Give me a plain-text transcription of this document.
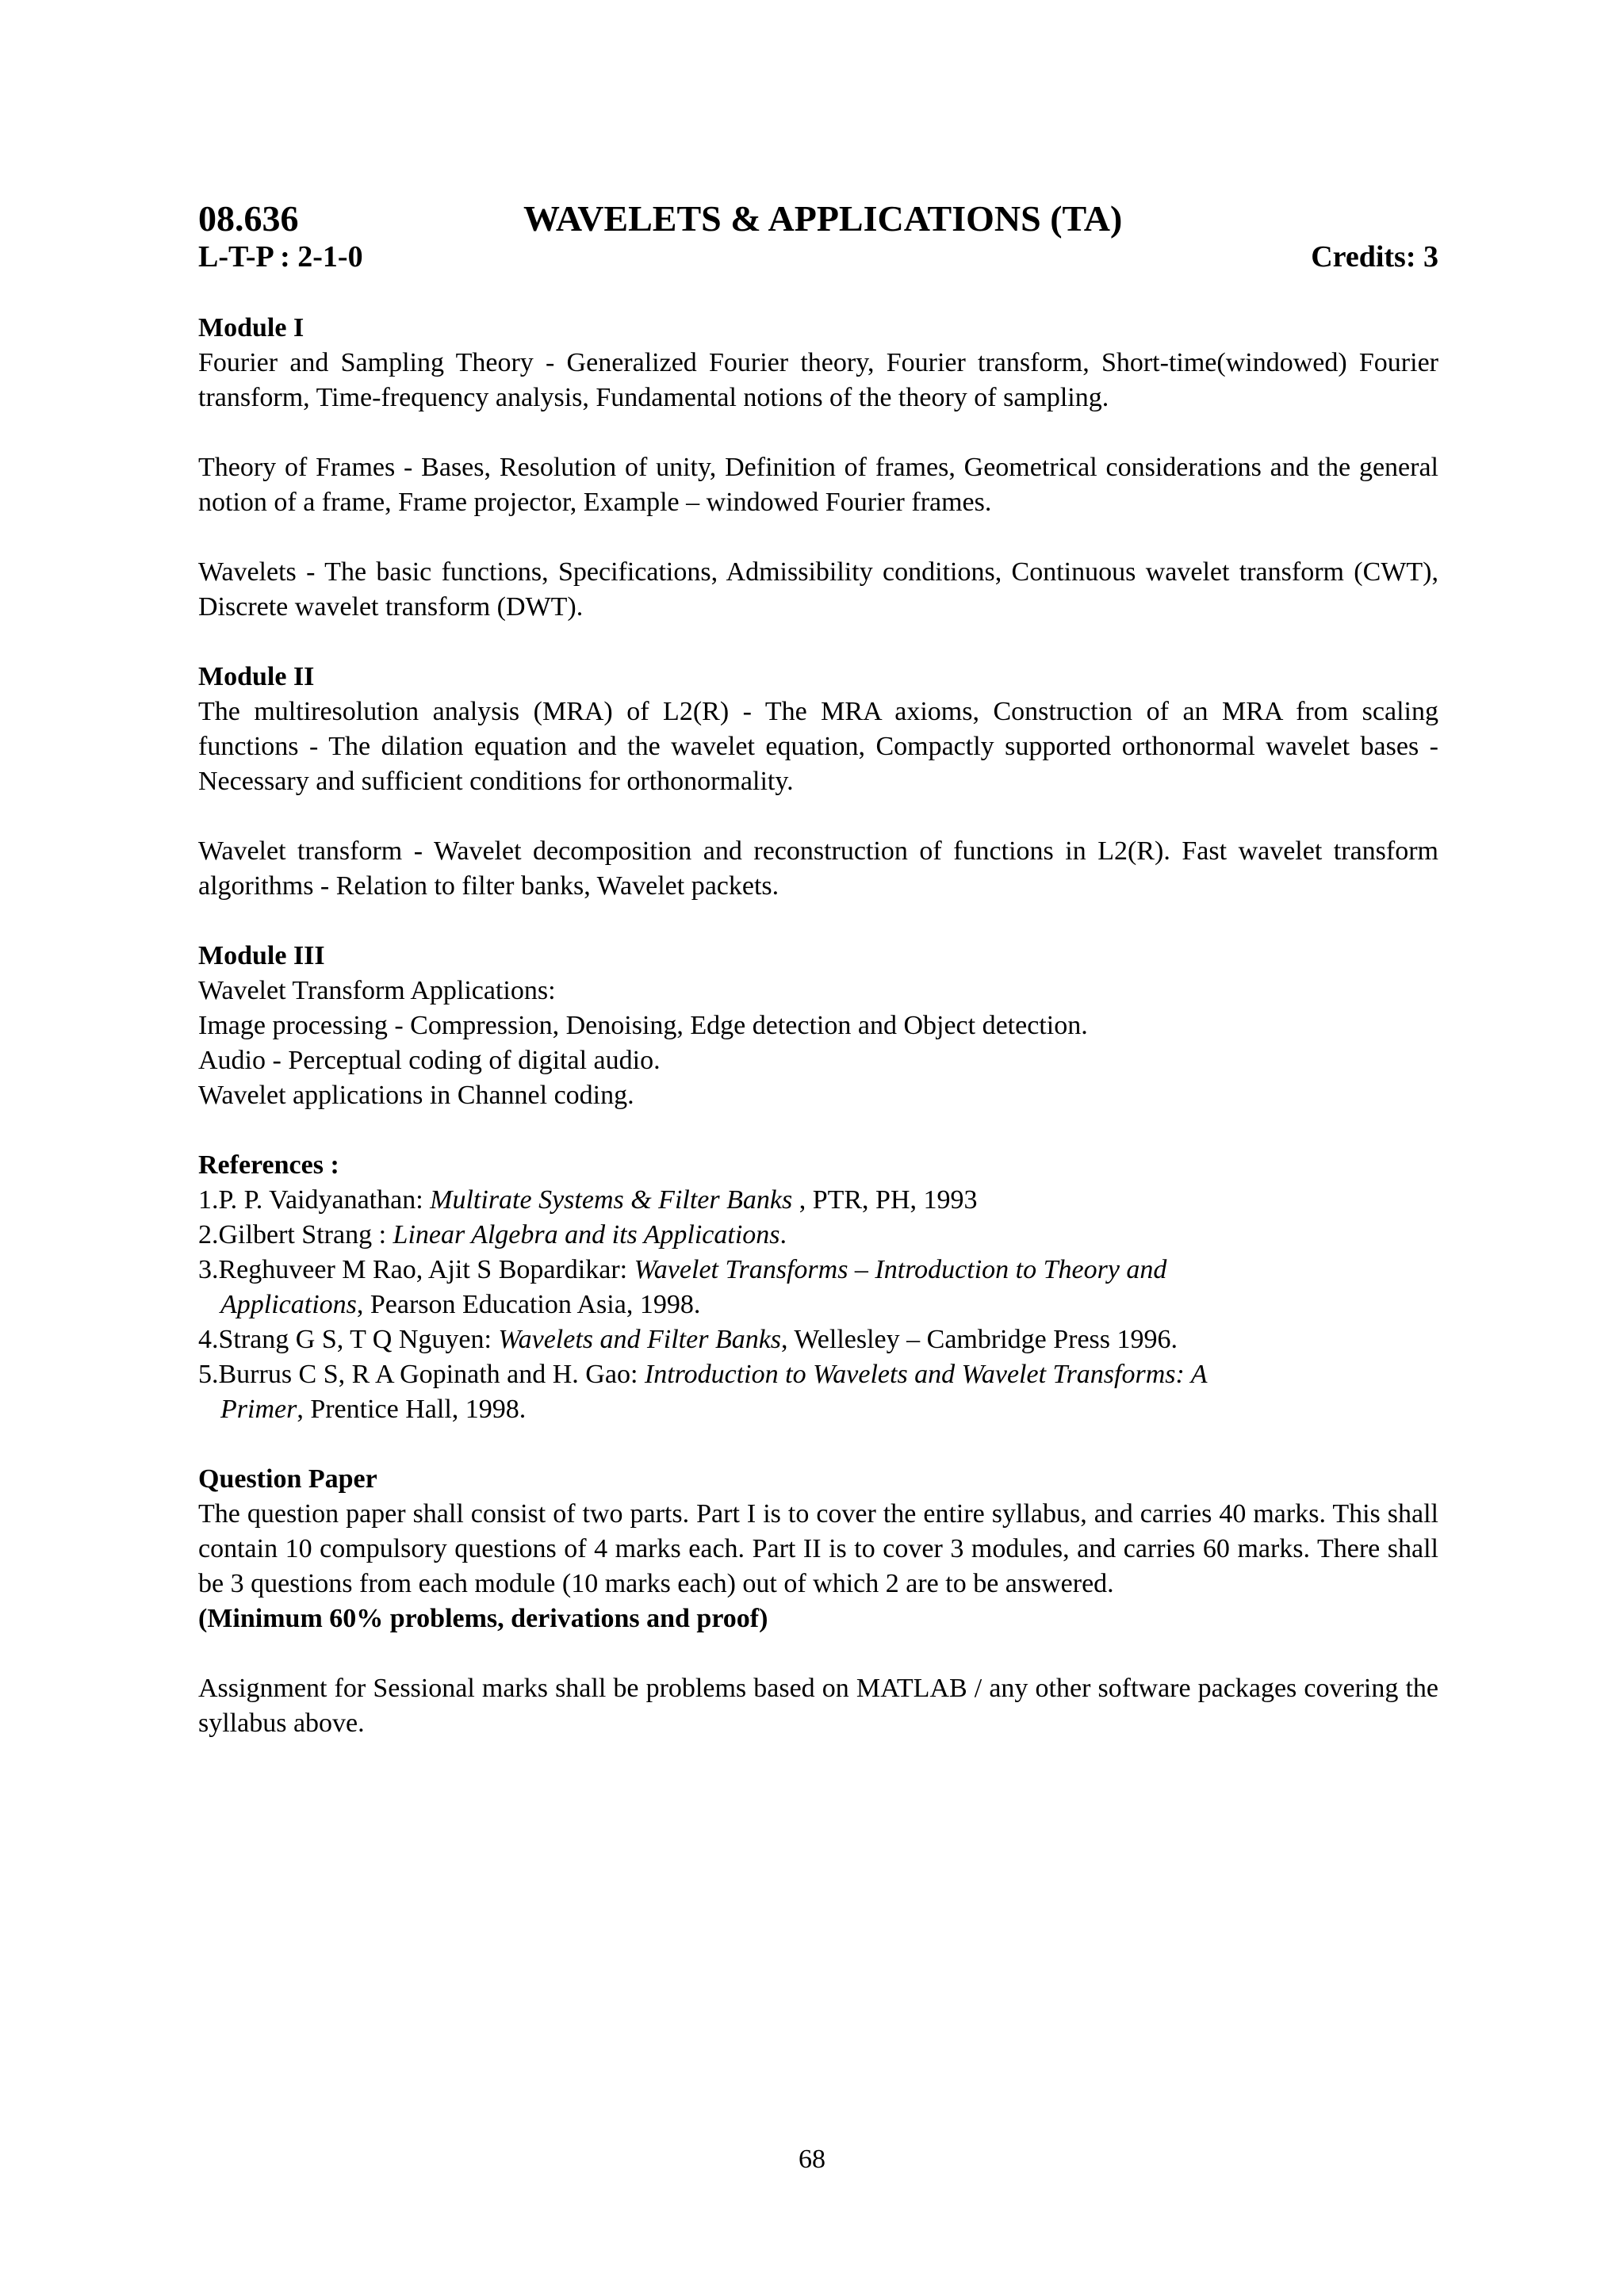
08.636	WAVELETS & APPLICATIONS (TA)
L-T-P : 2-1-0	Credits: 3
Module I

Fourier and Sampling Theory - Generalized Fourier theory, Fourier transform, Short-time(windowed) Fourier transform, Time-frequency analysis, Fundamental notions of the theory of sampling.

Theory of Frames - Bases, Resolution of unity, Definition of frames, Geometrical considerations and the general notion of a frame, Frame projector, Example – windowed Fourier frames.

Wavelets - The basic functions, Specifications, Admissibility conditions, Continuous wavelet transform (CWT), Discrete wavelet transform (DWT).

Module II

The multiresolution analysis (MRA) of L2(R) - The MRA axioms, Construction of an MRA from scaling functions - The dilation equation and the wavelet equation, Compactly supported orthonormal wavelet bases - Necessary and sufficient conditions for orthonormality.

Wavelet transform - Wavelet decomposition and reconstruction of functions in L2(R). Fast wavelet transform algorithms - Relation to filter banks, Wavelet packets.

Module III
Wavelet Transform Applications:
Image processing - Compression, Denoising, Edge detection and Object detection.
Audio - Perceptual coding of digital audio.
Wavelet applications in Channel coding.
References :
1.P. P. Vaidyanathan: Multirate Systems & Filter Banks , PTR, PH, 1993
2.Gilbert Strang : Linear Algebra and its Applications.
3.Reghuveer M Rao, Ajit S Bopardikar: Wavelet Transforms – Introduction to Theory and
Applications, Pearson Education Asia, 1998.
4.Strang G S, T Q Nguyen: Wavelets and Filter Banks, Wellesley – Cambridge Press 1996.
5.Burrus C S, R A Gopinath and H. Gao: Introduction to Wavelets and Wavelet Transforms: A
Primer, Prentice Hall, 1998.
Question Paper

The question paper shall consist of two parts. Part I is to cover the entire syllabus, and carries 40 marks. This shall contain 10 compulsory questions of 4 marks each. Part II is to cover 3 modules, and carries 60 marks. There shall be 3 questions from each module (10 marks each) out of which 2 are to be answered.

(Minimum 60% problems, derivations and proof)

Assignment for Sessional marks shall be problems based on MATLAB / any other software packages covering the syllabus above.

68
